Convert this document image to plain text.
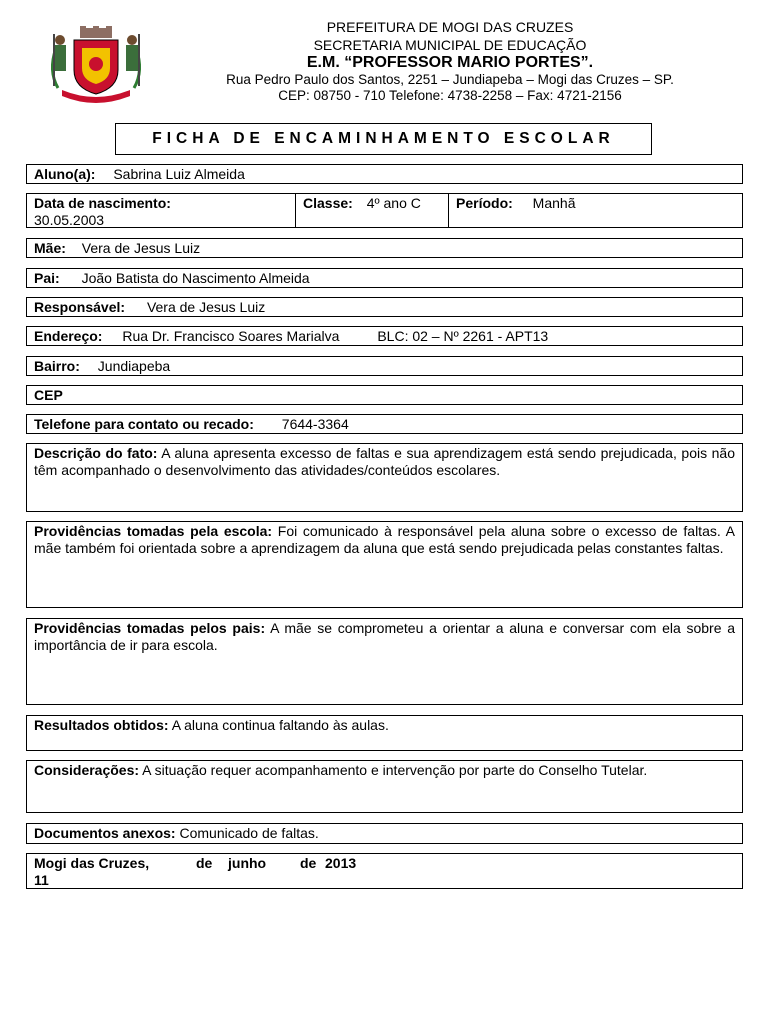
PREFEITURA DE MOGI DAS CRUZES
SECRETARIA MUNICIPAL DE EDUCAÇÃO
E.M. “PROFESSOR MARIO PORTES”.
Rua Pedro Paulo dos Santos, 2251 – Jundiapeba – Mogi das Cruzes – SP.
CEP: 08750 - 710 Telefone: 4738-2258 – Fax: 4721-2156
FICHA DE ENCAMINHAMENTO ESCOLAR
Aluno(a): Sabrina Luiz Almeida
Data de nascimento:
30.05.2003
Classe: 4º ano C	Período: Manhã
Mãe: Vera de Jesus Luiz
Pai: João Batista do Nascimento Almeida
Responsável: Vera de Jesus Luiz
Endereço: Rua Dr. Francisco Soares Marialva	BLC: 02 – Nº 2261 - APT13
Bairro: Jundiapeba
CEP
Telefone para contato ou recado: 7644-3364
Descrição do fato: A aluna apresenta excesso de faltas e sua aprendizagem está sendo prejudicada, pois não têm acompanhado o desenvolvimento das atividades/conteúdos escolares.
Providências tomadas pela escola: Foi comunicado à responsável pela aluna sobre o excesso de faltas. A mãe também foi orientada sobre a aprendizagem da aluna que está sendo prejudicada pelas constantes faltas.
Providências tomadas pelos pais: A mãe se comprometeu a orientar a aluna e conversar com ela sobre a importância de ir para escola.
Resultados obtidos: A aluna continua faltando às aulas.
Considerações: A situação requer acompanhamento e intervenção por parte do Conselho Tutelar.
Documentos anexos: Comunicado de faltas.
Mogi das Cruzes,	de junho de 2013
11
